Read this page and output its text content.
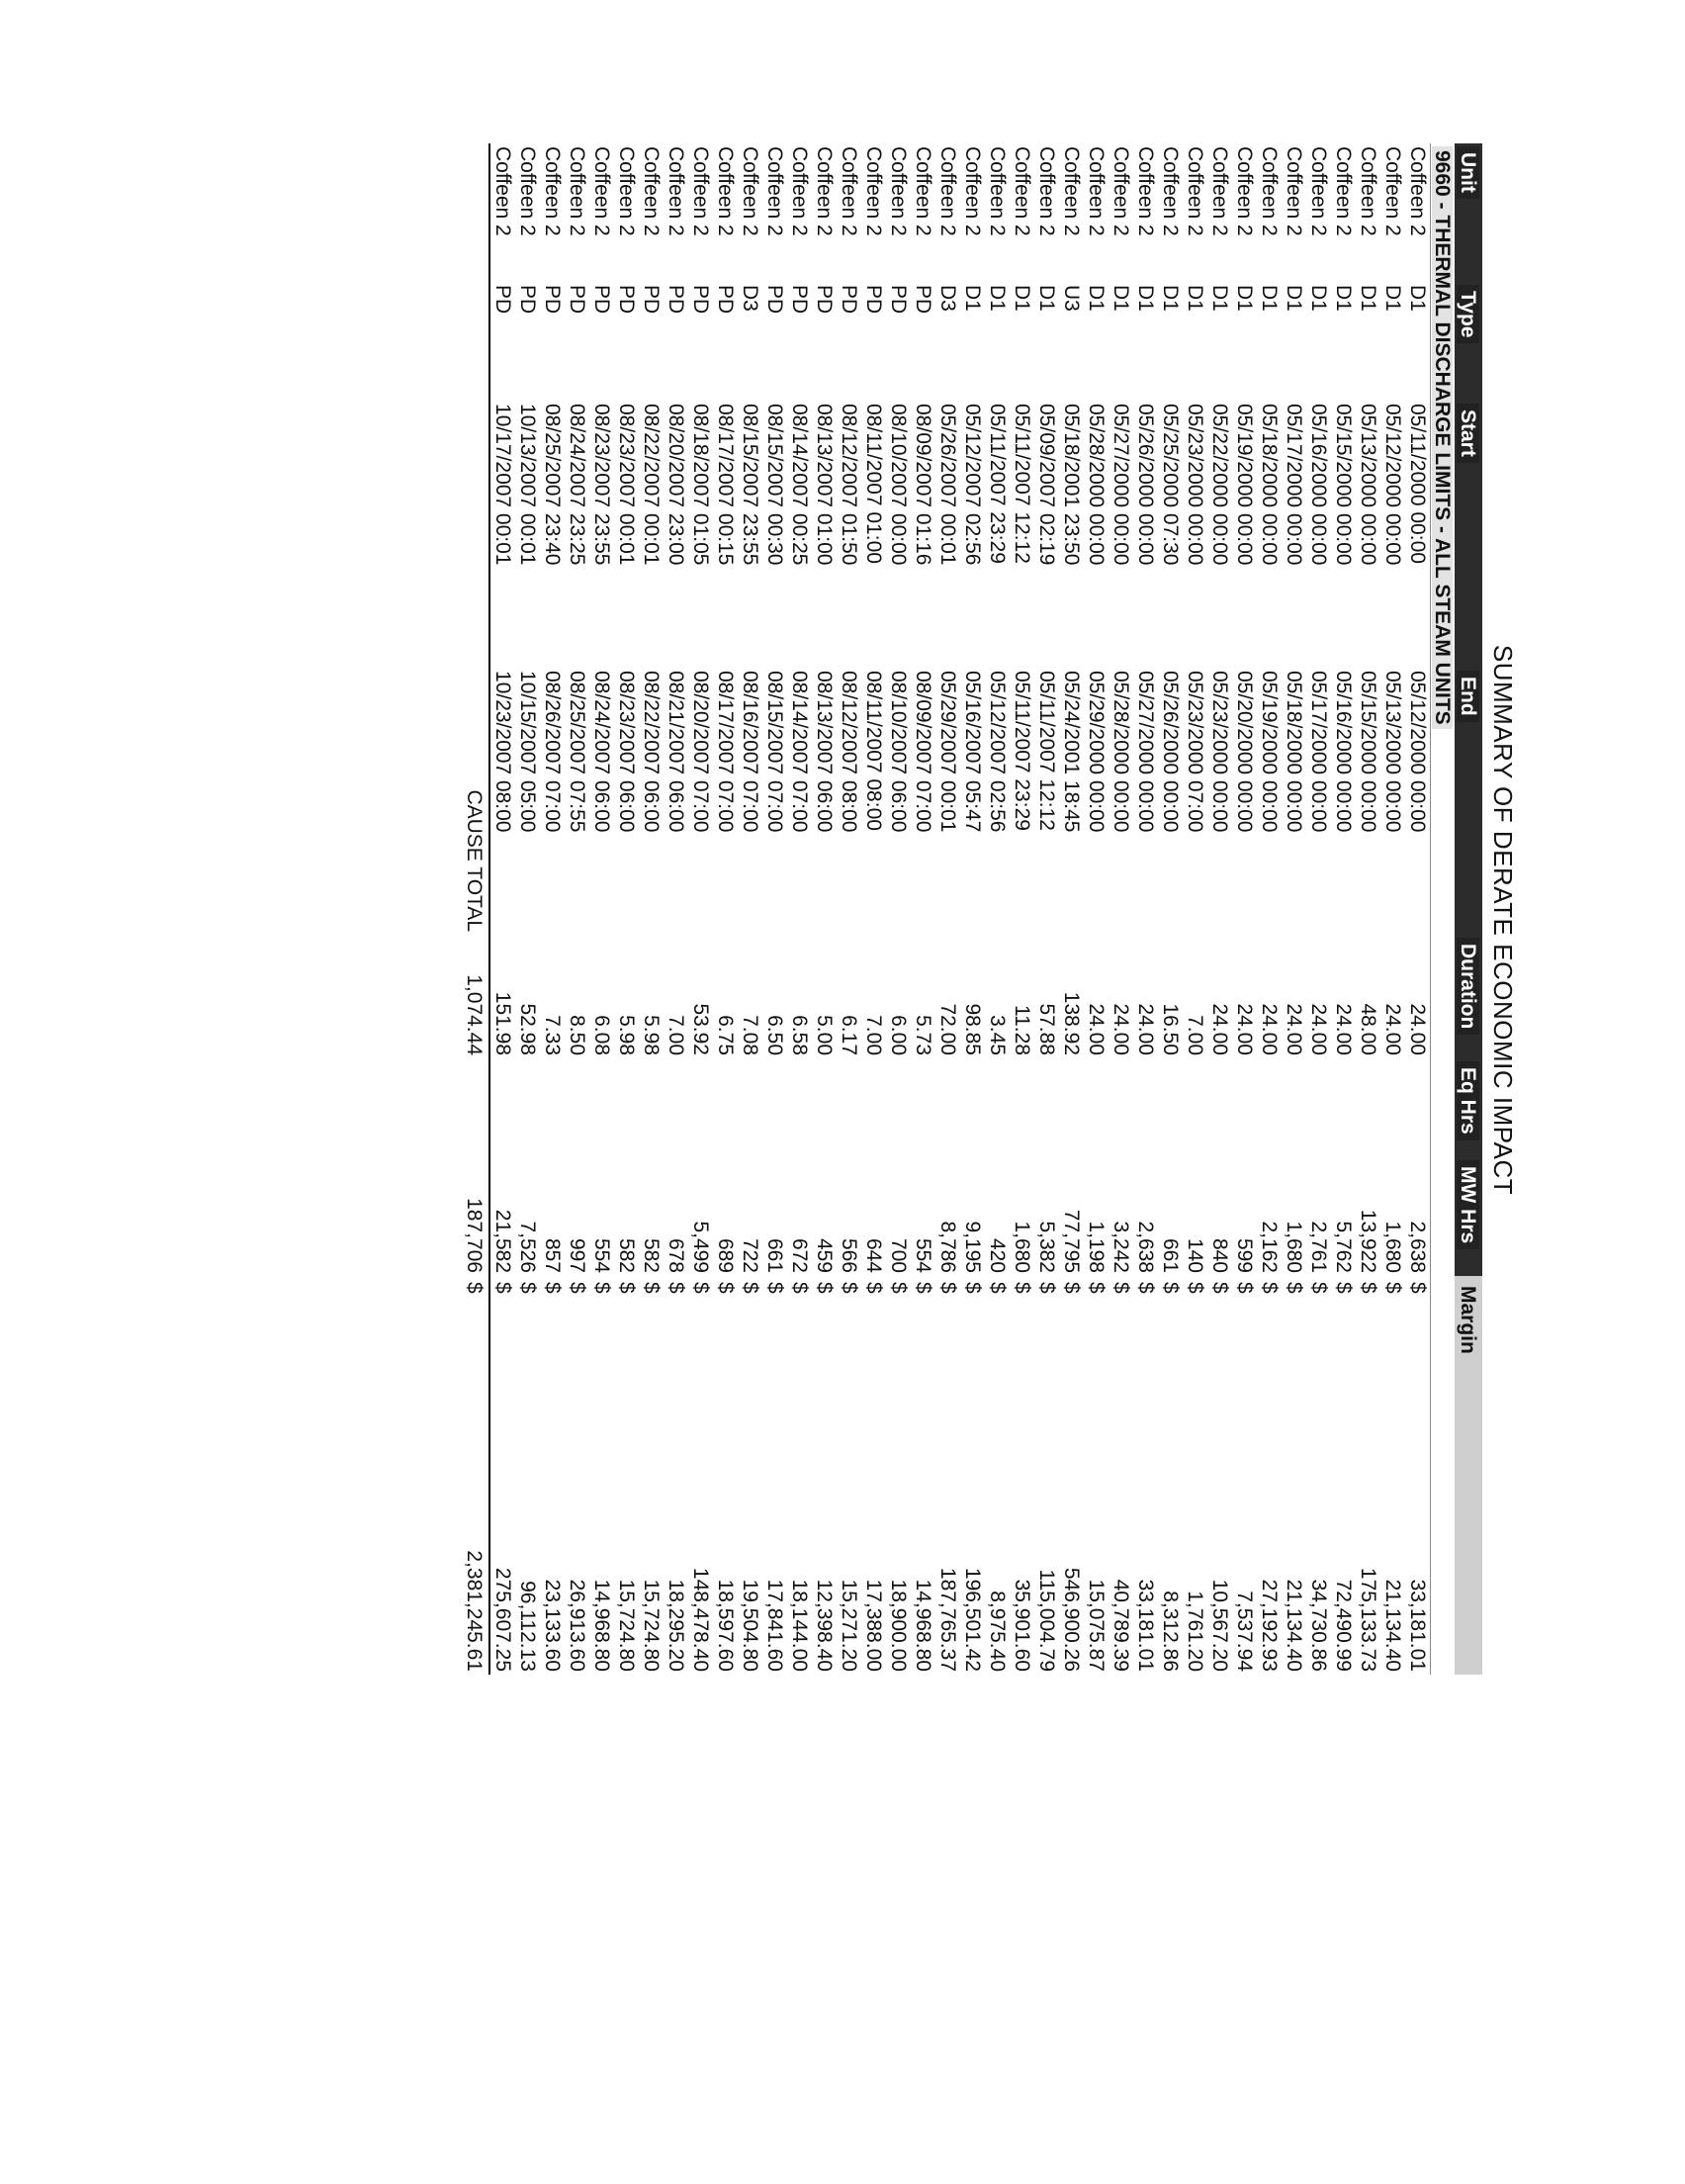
SUMMARY OF DERATE ECONOMIC IMPACT
Unit	Type	Start	End	Duration	Eq Hrs	MW Hrs	Margin	
9660 - THERMAL DISCHARGE LIMITS - ALL STEAM UNITS								
Coffeen 2	D1	05/11/2000 00:00	05/12/2000 00:00	24.00		2,638	$	33,181.01
Coffeen 2	D1	05/12/2000 00:00	05/13/2000 00:00	24.00		1,680	$	21,134.40
Coffeen 2	D1	05/13/2000 00:00	05/15/2000 00:00	48.00		13,922	$	175,133.73
Coffeen 2	D1	05/15/2000 00:00	05/16/2000 00:00	24.00		5,762	$	72,490.99
Coffeen 2	D1	05/16/2000 00:00	05/17/2000 00:00	24.00		2,761	$	34,730.86
Coffeen 2	D1	05/17/2000 00:00	05/18/2000 00:00	24.00		1,680	$	21,134.40
Coffeen 2	D1	05/18/2000 00:00	05/19/2000 00:00	24.00		2,162	$	27,192.93
Coffeen 2	D1	05/19/2000 00:00	05/20/2000 00:00	24.00		599	$	7,537.94
Coffeen 2	D1	05/22/2000 00:00	05/23/2000 00:00	24.00		840	$	10,567.20
Coffeen 2	D1	05/23/2000 00:00	05/23/2000 07:00	7.00		140	$	1,761.20
Coffeen 2	D1	05/25/2000 07:30	05/26/2000 00:00	16.50		661	$	8,312.86
Coffeen 2	D1	05/26/2000 00:00	05/27/2000 00:00	24.00		2,638	$	33,181.01
Coffeen 2	D1	05/27/2000 00:00	05/28/2000 00:00	24.00		3,242	$	40,789.39
Coffeen 2	D1	05/28/2000 00:00	05/29/2000 00:00	24.00		1,198	$	15,075.87
Coffeen 2	U3	05/18/2001 23:50	05/24/2001 18:45	138.92		77,795	$	546,900.26
Coffeen 2	D1	05/09/2007 02:19	05/11/2007 12:12	57.88		5,382	$	115,004.79
Coffeen 2	D1	05/11/2007 12:12	05/11/2007 23:29	11.28		1,680	$	35,901.60
Coffeen 2	D1	05/11/2007 23:29	05/12/2007 02:56	3.45		420	$	8,975.40
Coffeen 2	D1	05/12/2007 02:56	05/16/2007 05:47	98.85		9,195	$	196,501.42
Coffeen 2	D3	05/26/2007 00:01	05/29/2007 00:01	72.00		8,786	$	187,765.37
Coffeen 2	PD	08/09/2007 01:16	08/09/2007 07:00	5.73		554	$	14,968.80
Coffeen 2	PD	08/10/2007 00:00	08/10/2007 06:00	6.00		700	$	18,900.00
Coffeen 2	PD	08/11/2007 01:00	08/11/2007 08:00	7.00		644	$	17,388.00
Coffeen 2	PD	08/12/2007 01:50	08/12/2007 08:00	6.17		566	$	15,271.20
Coffeen 2	PD	08/13/2007 01:00	08/13/2007 06:00	5.00		459	$	12,398.40
Coffeen 2	PD	08/14/2007 00:25	08/14/2007 07:00	6.58		672	$	18,144.00
Coffeen 2	PD	08/15/2007 00:30	08/15/2007 07:00	6.50		661	$	17,841.60
Coffeen 2	D3	08/15/2007 23:55	08/16/2007 07:00	7.08		722	$	19,504.80
Coffeen 2	PD	08/17/2007 00:15	08/17/2007 07:00	6.75		689	$	18,597.60
Coffeen 2	PD	08/18/2007 01:05	08/20/2007 07:00	53.92		5,499	$	148,478.40
Coffeen 2	PD	08/20/2007 23:00	08/21/2007 06:00	7.00		678	$	18,295.20
Coffeen 2	PD	08/22/2007 00:01	08/22/2007 06:00	5.98		582	$	15,724.80
Coffeen 2	PD	08/23/2007 00:01	08/23/2007 06:00	5.98		582	$	15,724.80
Coffeen 2	PD	08/23/2007 23:55	08/24/2007 06:00	6.08		554	$	14,968.80
Coffeen 2	PD	08/24/2007 23:25	08/25/2007 07:55	8.50		997	$	26,913.60
Coffeen 2	PD	08/25/2007 23:40	08/26/2007 07:00	7.33		857	$	23,133.60
Coffeen 2	PD	10/13/2007 00:01	10/15/2007 05:00	52.98		7,526	$	96,112.13
Coffeen 2	PD	10/17/2007 00:01	10/23/2007 08:00	151.98		21,582	$	275,607.25
CAUSE TOTAL				1,074.44		187,706	$	2,381,245.61
